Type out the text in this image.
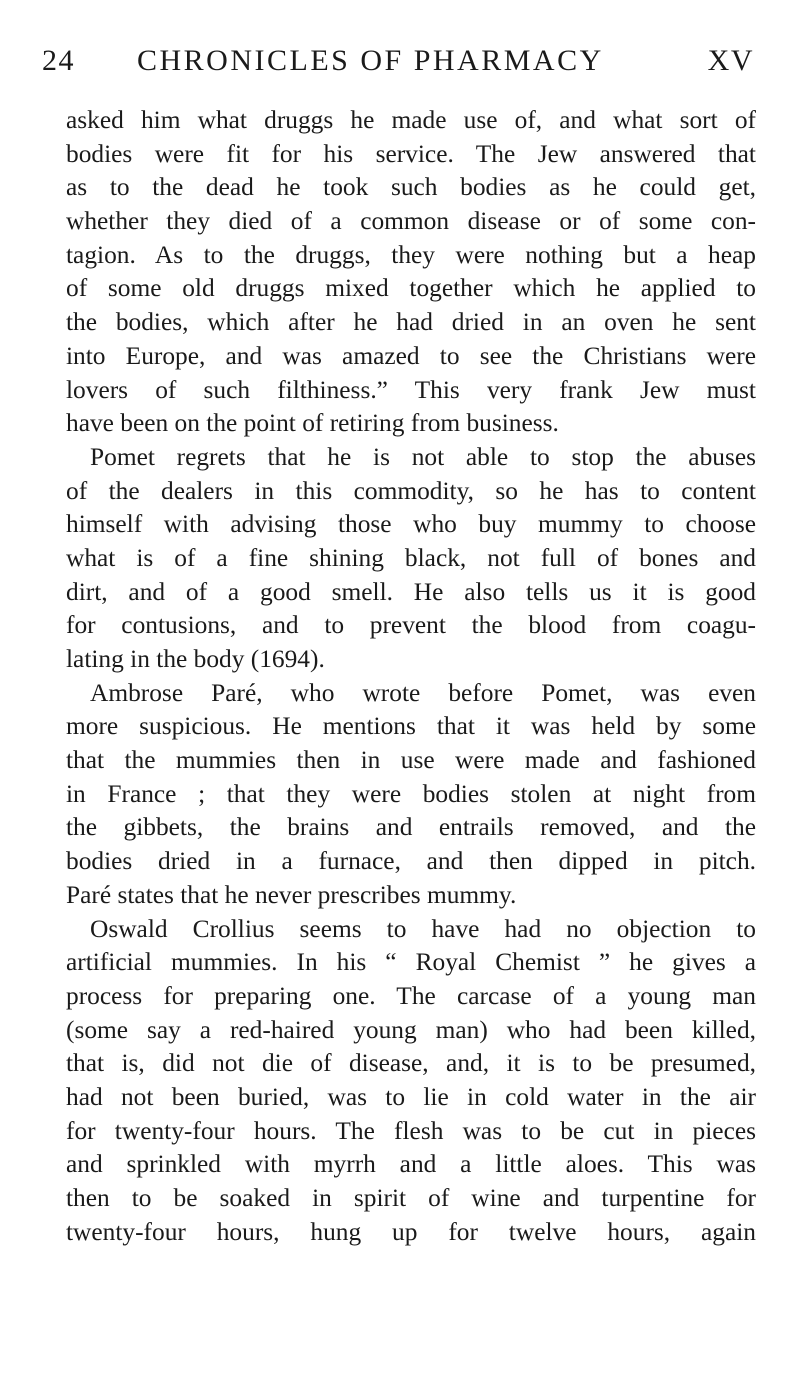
24 CHRONICLES OF PHARMACY	XV
asked him what druggs he made use of, and what sort of
bodies were fit for his service. The Jew answered that
as to the dead he took such bodies as he could get,
whether they died of a common disease or of some con-
tagion. As to the druggs, they were nothing but a heap
of some old druggs mixed together which he applied to
the bodies, which after he had dried in an oven he sent
into Europe, and was amazed to see the Christians were
lovers of such filthiness.” This very frank Jew must
have been on the point of retiring from business.
Pomet regrets that he is not able to stop the abuses
of the dealers in this commodity, so he has to content
himself with advising those who buy mummy to choose
what is of a fine shining black, not full of bones and
dirt, and of a good smell. He also tells us it is good
for contusions, and to prevent the blood from coagu-
lating in the body (1694).
Ambrose Paré, who wrote before Pomet, was even
more suspicious. He mentions that it was held by some
that the mummies then in use were made and fashioned
in France ; that they were bodies stolen at night from
the gibbets, the brains and entrails removed, and the
bodies dried in a furnace, and then dipped in pitch.
Paré states that he never prescribes mummy.
Oswald Crollius seems to have had no objection to
artificial mummies. In his “ Royal Chemist ” he gives a
process for preparing one. The carcase of a young man
(some say a red-haired young man) who had been killed,
that is, did not die of disease, and, it is to be presumed,
had not been buried, was to lie in cold water in the air
for twenty-four hours. The flesh was to be cut in pieces
and sprinkled with myrrh and a little aloes. This was
then to be soaked in spirit of wine and turpentine for
twenty-four hours, hung up for twelve hours, again
